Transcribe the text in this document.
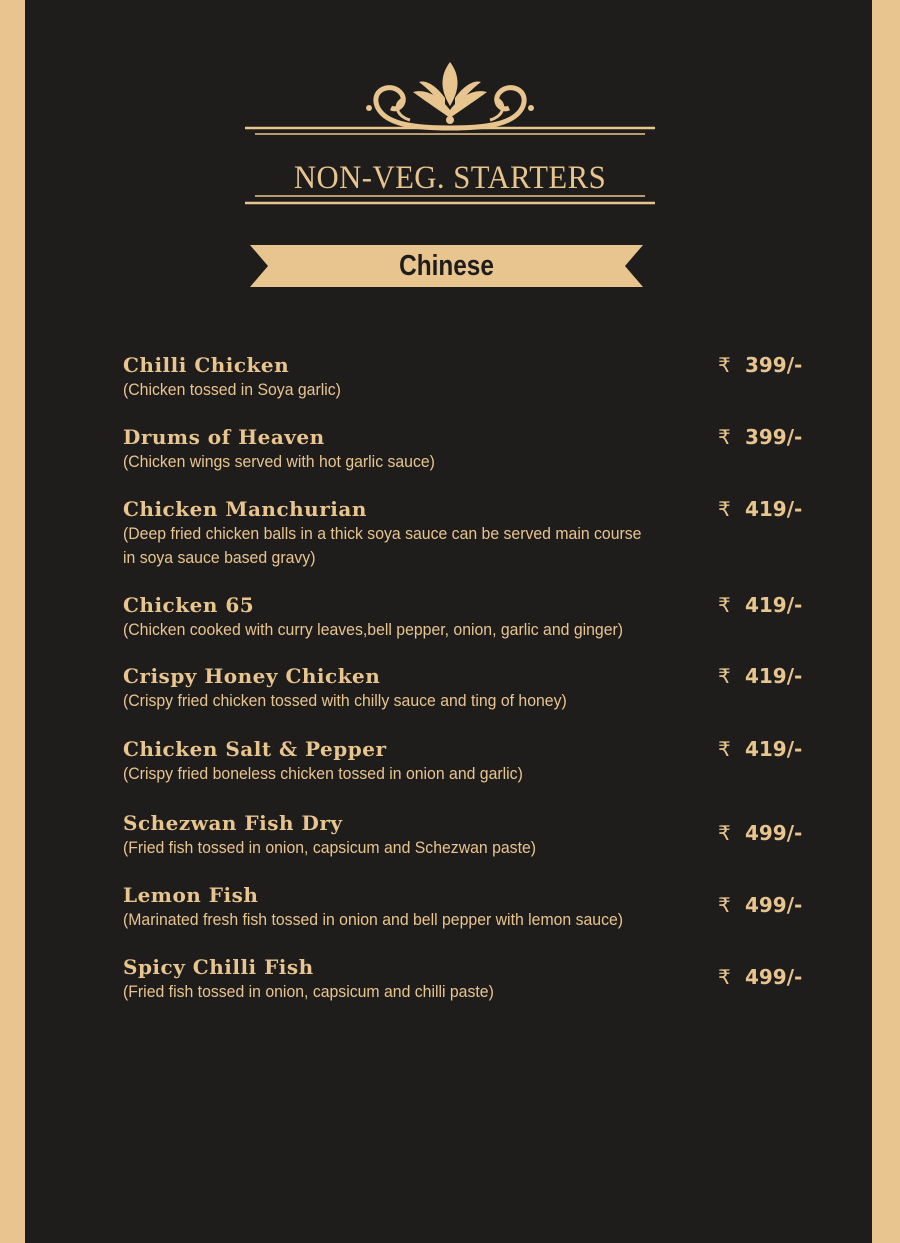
NON-VEG. STARTERS
Chinese
Chilli Chicken
(Chicken tossed in Soya garlic)
₹ 399/-
Drums of Heaven
(Chicken wings served with hot garlic sauce)
₹ 399/-
Chicken Manchurian
(Deep fried chicken balls in a thick soya sauce can be served main course
in soya sauce based gravy)
₹ 419/-
Chicken 65
(Chicken cooked with curry leaves,bell pepper, onion, garlic and ginger)
₹ 419/-
Crispy Honey Chicken
(Crispy fried chicken tossed with chilly sauce and ting of honey)
₹ 419/-
Chicken Salt & Pepper
(Crispy fried boneless chicken tossed in onion and garlic)
₹ 419/-
Schezwan Fish Dry
(Fried fish tossed in onion, capsicum and Schezwan paste)
₹ 499/-
Lemon Fish
(Marinated fresh fish tossed in onion and bell pepper with lemon sauce)
₹ 499/-
Spicy Chilli Fish
(Fried fish tossed in onion, capsicum and chilli paste)
₹ 499/-
